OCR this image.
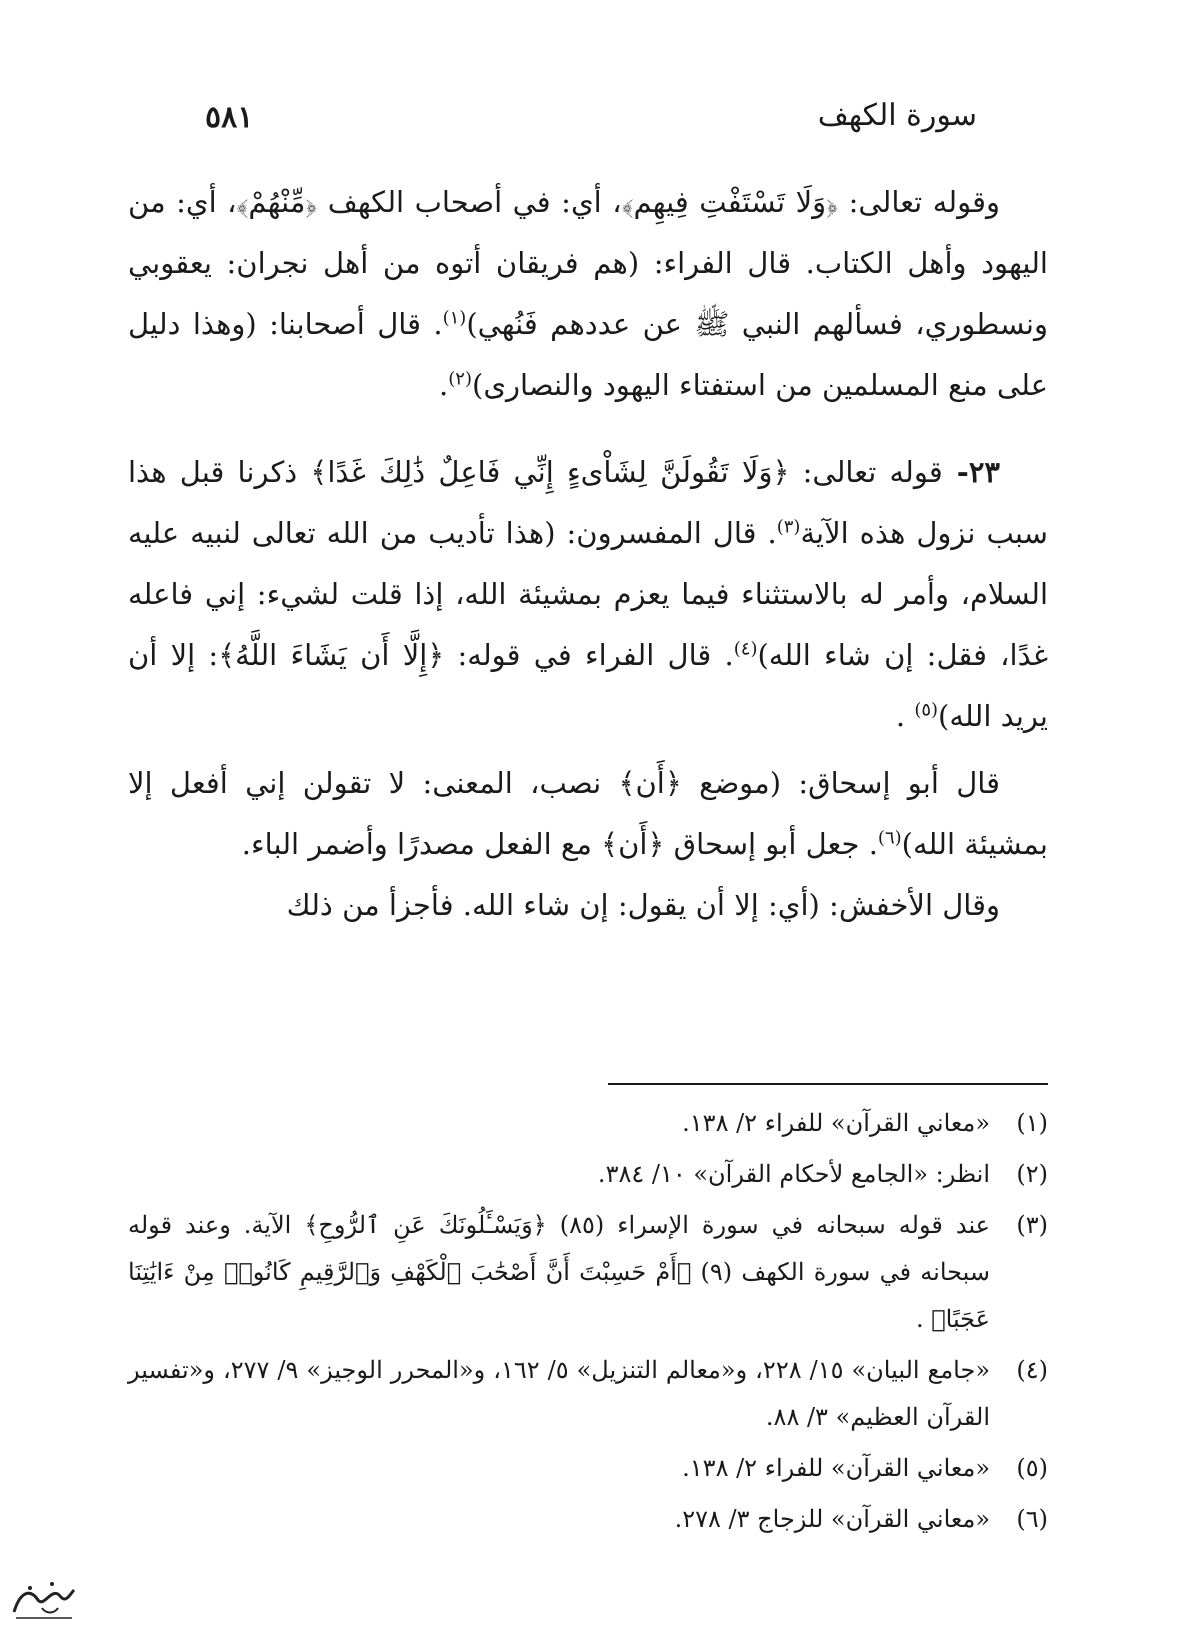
سورة الكهف
٥٨١

وقوله تعالى: ﴿وَلَا تَسْتَفْتِ فِيهِم﴾، أي: في أصحاب الكهف ﴿مِّنْهُمْ﴾، أي: من اليهود وأهل الكتاب. قال الفراء: (هم فريقان أتوه من أهل نجران: يعقوبي ونسطوري، فسألهم النبي ﷺ عن عددهم فَنُهي)$^{(١)}$. قال أصحابنا: (وهذا دليل على منع المسلمين من استفتاء اليهود والنصارى)$^{(٢)}$.

٢٣- قوله تعالى: ﴿وَلَا تَقُولَنَّ لِشَاْىءٍ إِنِّي فَاعِلٌ ذَٰلِكَ غَدًا﴾ ذكرنا قبل هذا سبب نزول هذه الآية$^{(٣)}$. قال المفسرون: (هذا تأديب من الله تعالى لنبيه عليه السلام، وأمر له بالاستثناء فيما يعزم بمشيئة الله، إذا قلت لشيء: إني فاعله غدًا، فقل: إن شاء الله)$^{(٤)}$. قال الفراء في قوله: ﴿إِلَّا أَن يَشَاءَ اللَّهُ﴾: إلا أن يريد الله)$^{(٥)}$ .

قال أبو إسحاق: (موضع ﴿أَن﴾ نصب، المعنى: لا تقولن إني أفعل إلا بمشيئة الله)$^{(٦)}$. جعل أبو إسحاق ﴿أَن﴾ مع الفعل مصدرًا وأضمر الباء.

وقال الأخفش: (أي: إلا أن يقول: إن شاء الله. فأجزأ من ذلك

(١)
«معاني القرآن» للفراء ٢/ ١٣٨.
(٢)
انظر: «الجامع لأحكام القرآن» ١٠/ ٣٨٤.
(٣)
عند قوله سبحانه في سورة الإسراء (٨٥) ﴿وَيَسْـَٔلُونَكَ عَنِ ٱلرُّوحِ﴾ الآية. وعند قوله سبحانه في سورة الكهف (٩) ﴿أَمْ حَسِبْتَ أَنَّ أَصْحَٰبَ ٱلْكَهْفِ وَٱلرَّقِيمِ كَانُوا۟ مِنْ ءَايَٰتِنَا عَجَبًا﴾ .
(٤)
«جامع البيان» ١٥/ ٢٢٨، و«معالم التنزيل» ٥/ ١٦٢، و«المحرر الوجيز» ٩/ ٢٧٧، و«تفسير القرآن العظيم» ٣/ ٨٨.
(٥)
«معاني القرآن» للفراء ٢/ ١٣٨.
(٦)
«معاني القرآن» للزجاج ٣/ ٢٧٨.
